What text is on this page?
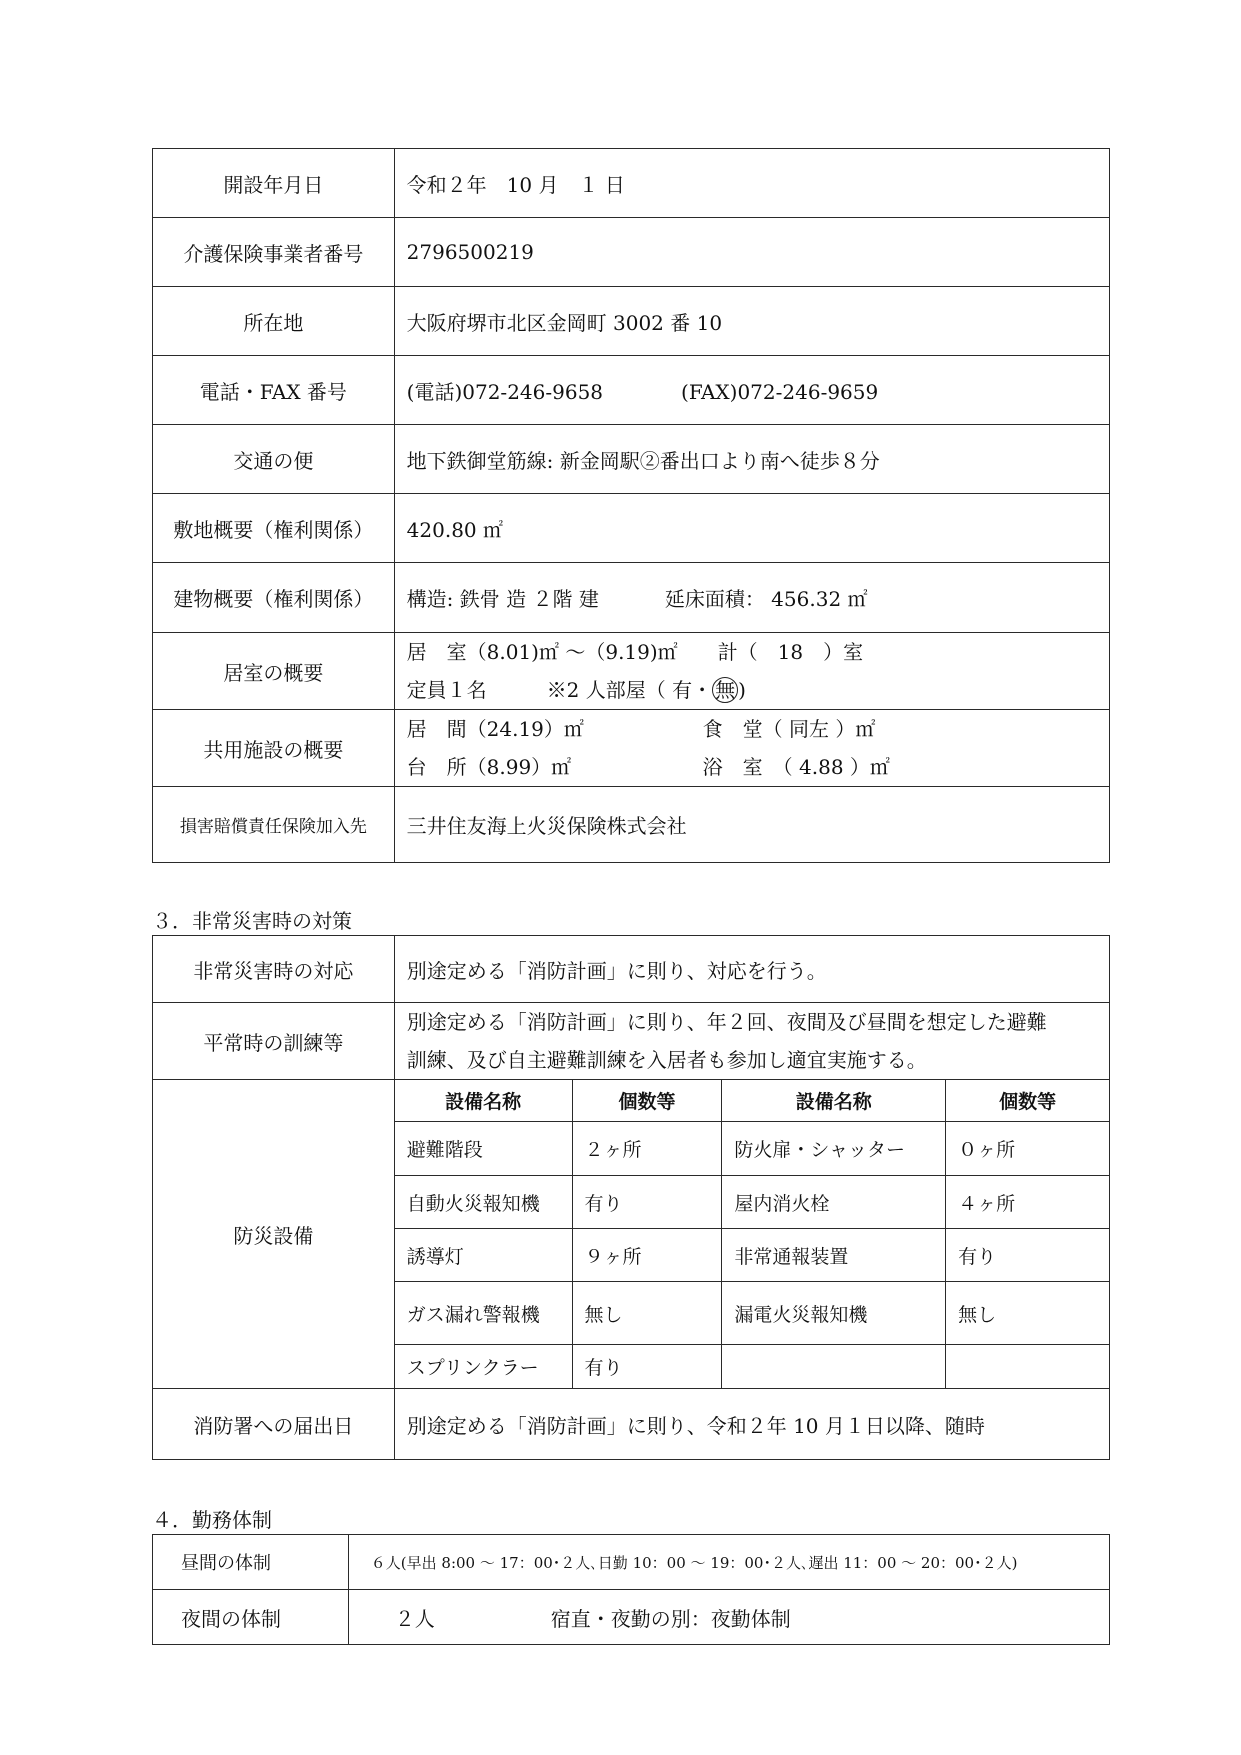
開設年月日	令和２年　10 月　１ 日
介護保険事業者番号	2796500219
所在地	大阪府堺市北区金岡町 3002 番 10
電話・FAX 番号	(電話)072-246-9658 (FAX)072-246-9659
交通の便	地下鉄御堂筋線: 新金岡駅②番出口より南へ徒歩８分
敷地概要（権利関係）	420.80 ㎡
建物概要（権利関係）	構造: 鉄骨 造 ２階 建 延床面積： 456.32 ㎡
居室の概要	居　室（8.01)㎡ ～（9.19)㎡ 計（　18　）室
定員１名 ※2 人部屋（ 有・ 無 )

共用施設の概要	居　間（24.19）㎡ 食　堂（ 同左 ）㎡
台　所（8.99）㎡ 浴　室　（ 4.88 ）㎡

損害賠償責任保険加入先	三井住友海上火災保険株式会社
３．非常災害時の対策
非常災害時の対応	別途定める「消防計画」に則り、対応を行う。			
平常時の訓練等	別途定める「消防計画」に則り、年２回、夜間及び昼間を想定した避難
訓練、及び自主避難訓練を入居者も参加し適宜実施する。			

防災設備	設備名称	個数等	設備名称	個数等
	避難階段	２ヶ所	防火扉・シャッター	０ヶ所
	自動火災報知機	有り	屋内消火栓	４ヶ所
	誘導灯	９ヶ所	非常通報装置	有り
	ガス漏れ警報機	無し	漏電火災報知機	無し
	スプリンクラー	有り		
消防署への届出日	別途定める「消防計画」に則り、令和２年 10 月１日以降、随時			
４．勤務体制
昼間の体制	６人(早出 8:00 ～ 17：00･２人､日勤 10：00 ～ 19：00･２人､遅出 11：00 ～ 20：00･２人)
夜間の体制	２人 宿直・夜勤の別：夜勤体制
